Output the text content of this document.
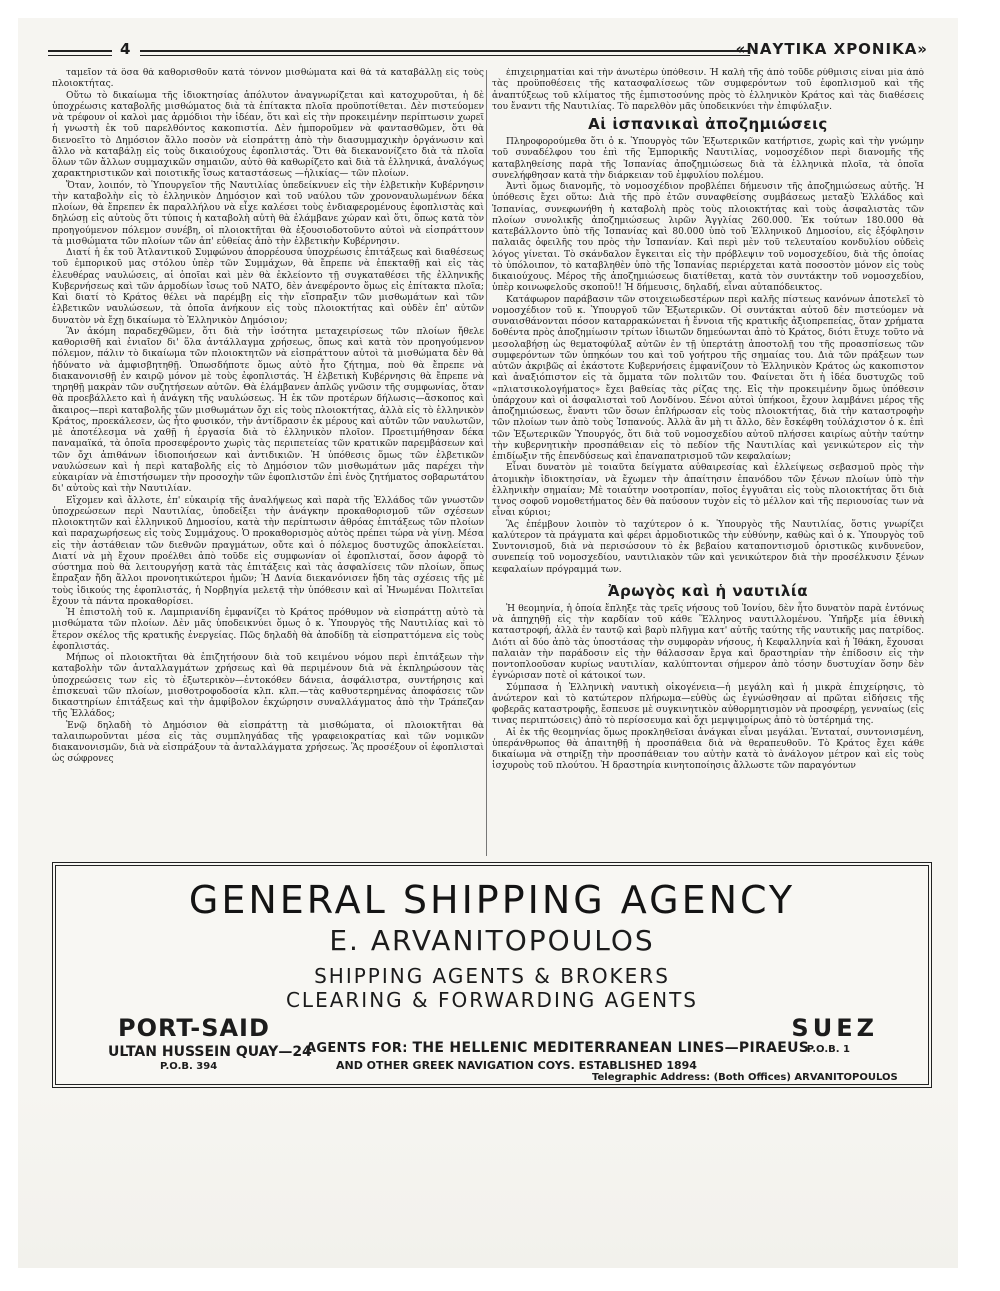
4	«ΝΑΥΤΙΚΑ ΧΡΟΝΙΚΑ»

ταμεῖον τὰ ὅσα θὰ καθορισθοῦν κατὰ τόννον μισθώματα καὶ θὰ τὰ καταβάλλῃ εἰς τοὺς πλοιοκτήτας.

Οὕτω τὸ δικαίωμα τῆς ἰδιοκτησίας ἀπόλυτον ἀναγνωρίζεται καὶ κατοχυροῦται, ἡ δὲ ὑποχρέωσις καταβολῆς μισθώματος διὰ τὰ ἐπίτακτα πλοῖα προϋποτίθεται. Δὲν πιστεύομεν νὰ τρέφουν οἱ καλοὶ μας ἀρμόδιοι τὴν ἰδέαν, ὅτι καὶ εἰς τὴν προκειμένην περίπτωσιν χωρεῖ ἡ γνωστὴ ἐκ τοῦ παρελθόντος κακοπιστία. Δὲν ἠμποροῦμεν νὰ φαντασθῶμεν, ὅτι θὰ διενοεῖτο τὸ Δημόσιον ἄλλο ποσὸν νὰ εἰσπράττῃ ἀπὸ τὴν διασυμμαχικὴν ὀργάνωσιν καὶ ἄλλο νὰ καταβάλῃ εἰς τοὺς δικαιούχους ἐφοπλιστάς. Ὅτι θὰ διεκανονίζετο διὰ τὰ πλοῖα ὅλων τῶν ἄλλων συμμαχικῶν σημαιῶν, αὐτὸ θὰ καθωρίζετο καὶ διὰ τὰ ἑλληνικά, ἀναλόγως χαρακτηριστικῶν καὶ ποιοτικῆς ἴσως καταστάσεως —ἡλικίας— τῶν πλοίων.

Ὅταν, λοιπόν, τὸ Ὑπουργεῖον τῆς Ναυτιλίας ὑπεδείκνυεν εἰς τὴν ἑλβετικὴν Κυβέρνησιν τὴν καταβολὴν εἰς τὸ ἑλληνικὸν Δημόσιον καὶ τοῦ ναύλου τῶν χρονοναυλωμένων δέκα πλοίων, θὰ ἔπρεπεν ἐκ παραλλήλου νὰ εἶχε καλέσει τοὺς ἐνδιαφερομένους ἐφοπλιστὰς καὶ δηλώσῃ εἰς αὐτοὺς ὅτι τύποις ἡ καταβολὴ αὐτὴ θὰ ἐλάμβανε χώραν καὶ ὅτι, ὅπως κατὰ τὸν προηγούμενον πόλεμον συνέβη, οἱ πλοιοκτῆται θὰ ἐξουσιοδοτοῦντο αὐτοὶ νὰ εἰσπράττουν τὰ μισθώματα τῶν πλοίων τῶν ἀπ' εὐθείας ἀπὸ τὴν ἑλβετικὴν Κυβέρνησιν.

Διατί ἡ ἐκ τοῦ Ἀτλαντικοῦ Συμφώνου ἀπορρέουσα ὑποχρέωσις ἐπιτάξεως καὶ διαθέσεως τοῦ ἐμπορικοῦ μας στόλου ὑπὲρ τῶν Συμμάχων, θὰ ἔπρεπε νὰ ἐπεκταθῇ καὶ εἰς τὰς ἐλευθέρας ναυλώσεις, αἱ ὁποῖαι καὶ μὲν θὰ ἐκλείοντο τῇ συγκαταθέσει τῆς ἑλληνικῆς Κυβερνήσεως καὶ τῶν ἁρμοδίων ἴσως τοῦ ΝΑΤΟ, δὲν ἀνεφέροντο ὅμως εἰς ἐπίτακτα πλοῖα; Καὶ διατί τὸ Κράτος θέλει νὰ παρέμβῃ εἰς τὴν εἴσπραξιν τῶν μισθωμάτων καὶ τῶν ἑλβετικῶν ναυλώσεων, τὰ ὁποῖα ἀνήκουν εἰς τοὺς πλοιοκτήτας καὶ οὐδὲν ἐπ' αὐτῶν δυνατὸν νὰ ἔχῃ δικαίωμα τὸ Ἑλληνικὸν Δημόσιον;

Ἂν ἀκόμη παραδεχθῶμεν, ὅτι διὰ τὴν ἰσότητα μεταχειρίσεως τῶν πλοίων ἤθελε καθορισθῆ καὶ ἑνιαῖον δι' ὅλα ἀντάλλαγμα χρήσεως, ὅπως καὶ κατὰ τὸν προηγούμενον πόλεμον, πάλιν τὸ δικαίωμα τῶν πλοιοκτητῶν νὰ εἰσπράττουν αὐτοὶ τὰ μισθώματα δὲν θὰ ἠδύνατο νὰ ἀμφισβητηθῇ. Ὁπωσδήποτε ὅμως αὐτὸ ἦτο ζήτημα, ποὺ θὰ ἔπρεπε νὰ διακανονισθῇ ἐν καιρῷ μόνον μὲ τοὺς ἐφοπλιστάς. Ἡ ἑλβετικὴ Κυβέρνησις θὰ ἔπρεπε νὰ τηρηθῇ μακρὰν τῶν συζητήσεων αὐτῶν. Θὰ ἐλάμβανεν ἁπλῶς γνῶσιν τῆς συμφωνίας, ὅταν θὰ προεβάλλετο καὶ ἡ ἀνάγκη τῆς ναυλώσεως. Ἡ ἐκ τῶν προτέρων δήλωσις—ἄσκοπος καὶ ἄκαιρος—περὶ καταβολῆς τῶν μισθωμάτων ὄχι εἰς τοὺς πλοιοκτήτας, ἀλλὰ εἰς τὸ ἑλληνικὸν Κράτος, προεκάλεσεν, ὡς ἦτο φυσικόν, τὴν ἀντίδρασιν ἐκ μέρους καὶ αὐτῶν τῶν ναυλωτῶν, μὲ ἀποτέλεσμα νὰ χαθῇ ἡ ἐργασία διὰ τὸ ἑλληνικὸν πλοῖον. Προετιμήθησαν δέκα παναμαϊκά, τὰ ὁποῖα προσεφέροντο χωρὶς τὰς περιπετείας τῶν κρατικῶν παρεμβάσεων καὶ τῶν ὄχι ἀπιθάνων ἰδιοποιήσεων καὶ ἀντιδικιῶν. Ἡ ὑπόθεσις ὅμως τῶν ἑλβετικῶν ναυλώσεων καὶ ἡ περὶ καταβολῆς εἰς τὸ Δημόσιον τῶν μισθωμάτων μᾶς παρέχει τὴν εὐκαιρίαν νὰ ἐπιστήσωμεν τὴν προσοχὴν τῶν ἐφοπλιστῶν ἐπὶ ἑνὸς ζητήματος σοβαρωτάτου δι' αὐτοὺς καὶ τὴν Ναυτιλίαν.

Εἴχομεν καὶ ἄλλοτε, ἐπ' εὐκαιρίᾳ τῆς ἀναλήψεως καὶ παρὰ τῆς Ἑλλάδος τῶν γνωστῶν ὑποχρεώσεων περὶ Ναυτιλίας, ὑποδείξει τὴν ἀνάγκην προκαθορισμοῦ τῶν σχέσεων πλοιοκτητῶν καὶ ἑλληνικοῦ Δημοσίου, κατὰ τὴν περίπτωσιν ἀθρόας ἐπιτάξεως τῶν πλοίων καὶ παραχωρήσεως εἰς τοὺς Συμμάχους. Ὁ προκαθορισμὸς αὐτὸς πρέπει τώρα νὰ γίνῃ. Μέσα εἰς τὴν ἀστάθειαν τῶν διεθνῶν πραγμάτων, οὔτε καὶ ὁ πόλεμος δυστυχῶς ἀποκλείεται. Διατί νὰ μὴ ἔχουν προέλθει ἀπὸ τοῦδε εἰς συμφωνίαν οἱ ἐφοπλισταί, ὅσον ἀφορᾷ τὸ σύστημα ποὺ θὰ λειτουργήσῃ κατὰ τὰς ἐπιτάξεις καὶ τὰς ἀσφαλίσεις τῶν πλοίων, ὅπως ἔπραξαν ἤδη ἄλλοι προνοητικώτεροι ἡμῶν; Ἡ Δανία διεκανόνισεν ἤδη τὰς σχέσεις τῆς μὲ τοὺς ἰδικούς της ἐφοπλιστάς, ἡ Νορβηγία μελετᾷ τὴν ὑπόθεσιν καὶ αἱ Ἡνωμέναι Πολιτεῖαι ἔχουν τὰ πάντα προκαθορίσει.

Ἡ ἐπιστολὴ τοῦ κ. Λαμπριανίδη ἐμφανίζει τὸ Κράτος πρόθυμον νὰ εἰσπράττῃ αὐτὸ τὰ μισθώματα τῶν πλοίων. Δὲν μᾶς ὑποδεικνύει ὅμως ὁ κ. Ὑπουργὸς τῆς Ναυτιλίας καὶ τὸ ἕτερον σκέλος τῆς κρατικῆς ἐνεργείας. Πῶς δηλαδὴ θὰ ἀποδίδῃ τὰ εἰσπραττόμενα εἰς τοὺς ἐφοπλιστάς.

Μήπως οἱ πλοιοκτῆται θὰ ἐπιζητήσουν διὰ τοῦ κειμένου νόμου περὶ ἐπιτάξεων τὴν καταβολὴν τῶν ἀνταλλαγμάτων χρήσεως καὶ θὰ περιμένουν διὰ νὰ ἐκπληρώσουν τὰς ὑποχρεώσεις των εἰς τὸ ἐξωτερικὸν—ἐντοκόθεν δάνεια, ἀσφάλιστρα, συντήρησις καὶ ἐπισκευαὶ τῶν πλοίων, μισθοτροφοδοσία κλπ. κλπ.—τὰς καθυστερημένας ἀποφάσεις τῶν δικαστηρίων ἐπιτάξεως καὶ τὴν ἀμφίβολον ἐκχώρησιν συναλλάγματος ἀπὸ τὴν Τράπεζαν τῆς Ἑλλάδος;

Ἐνῷ δηλαδὴ τὸ Δημόσιον θὰ εἰσπράττῃ τὰ μισθώματα, οἱ πλοιοκτῆται θὰ ταλαιπωροῦνται μέσα εἰς τὰς συμπληγάδας τῆς γραφειοκρατίας καὶ τῶν νομικῶν διακανονισμῶν, διὰ νὰ εἰσπράξουν τὰ ἀνταλλάγματα χρήσεως. Ἂς προσέξουν οἱ ἐφοπλισταὶ ὡς σώφρονες

ἐπιχειρηματίαι καὶ τὴν ἀνωτέρω ὑπόθεσιν. Ἡ καλὴ τῆς ἀπὸ τοῦδε ρύθμισις εἶναι μία ἀπὸ τὰς προϋποθέσεις τῆς κατασφαλίσεως τῶν συμφερόντων τοῦ ἐφοπλισμοῦ καὶ τῆς ἀναπτύξεως τοῦ κλίματος τῆς ἐμπιστοσύνης πρὸς τὸ ἑλληνικὸν Κράτος καὶ τὰς διαθέσεις του ἔναντι τῆς Ναυτιλίας. Τὸ παρελθὸν μᾶς ὑποδεικνύει τὴν ἐπιφύλαξιν.

Αἱ ἱσπανικαὶ ἀποζημιώσεις

Πληροφορούμεθα ὅτι ὁ κ. Ὑπουργὸς τῶν Ἐξωτερικῶν κατήρτισε, χωρὶς καὶ τὴν γνώμην τοῦ συναδέλφου του ἐπὶ τῆς Ἐμπορικῆς Ναυτιλίας, νομοσχέδιον περὶ διανομῆς τῆς καταβληθείσης παρὰ τῆς Ἱσπανίας ἀποζημιώσεως διὰ τὰ ἑλληνικὰ πλοῖα, τὰ ὁποῖα συνελήφθησαν κατὰ τὴν διάρκειαν τοῦ ἐμφυλίου πολέμου.

Ἀντὶ ὅμως διανομῆς, τὸ νομοσχέδιον προβλέπει δήμευσιν τῆς ἀποζημιώσεως αὐτῆς. Ἡ ὑπόθεσις ἔχει οὕτω: Διὰ τῆς πρὸ ἐτῶν συναφθείσης συμβάσεως μεταξὺ Ἑλλάδος καὶ Ἱσπανίας, συνεφωνήθη ἡ καταβολὴ πρὸς τοὺς πλοιοκτήτας καὶ τοὺς ἀσφαλιστὰς τῶν πλοίων συνολικῆς ἀποζημιώσεως λιρῶν Ἀγγλίας 260.000. Ἐκ τούτων 180.000 θὰ κατεβάλλοντο ὑπὸ τῆς Ἱσπανίας καὶ 80.000 ὑπὸ τοῦ Ἑλληνικοῦ Δημοσίου, εἰς ἐξόφλησιν παλαιᾶς ὀφειλῆς του πρὸς τὴν Ἱσπανίαν. Καὶ περὶ μὲν τοῦ τελευταίου κονδυλίου οὐδεὶς λόγος γίνεται. Τὸ σκάνδαλον ἔγκειται εἰς τὴν πρόβλεψιν τοῦ νομοσχεδίου, διὰ τῆς ὁποίας τὸ ὑπόλοιπον, τὸ καταβληθὲν ὑπὸ τῆς Ἱσπανίας περιέρχεται κατὰ ποσοστὸν μόνον εἰς τοὺς δικαιούχους. Μέρος τῆς ἀποζημιώσεως διατίθεται, κατὰ τὸν συντάκτην τοῦ νομοσχεδίου, ὑπὲρ κοινωφελοῦς σκοποῦ!! Ἡ δήμευσις, δηλαδή, εἶναι αὐταπόδεικτος.

Κατάφωρον παράβασιν τῶν στοιχειωδεστέρων περὶ καλῆς πίστεως κανόνων ἀποτελεῖ τὸ νομοσχέδιον τοῦ κ. Ὑπουργοῦ τῶν Ἐξωτερικῶν. Οἱ συντάκται αὐτοῦ δὲν πιστεύομεν νὰ συναισθάνονται πόσον καταρρακώνεται ἡ ἔννοια τῆς κρατικῆς ἀξιοπρεπείας, ὅταν χρήματα δοθέντα πρὸς ἀποζημίωσιν τρίτων ἰδιωτῶν δημεύωνται ἀπὸ τὸ Κράτος, διότι ἔτυχε τοῦτο νὰ μεσολαβήσῃ ὡς θεματοφύλαξ αὐτῶν ἐν τῇ ὑπερτάτῃ ἀποστολῇ του τῆς προασπίσεως τῶν συμφερόντων τῶν ὑπηκόων του καὶ τοῦ γοήτρου τῆς σημαίας του. Διὰ τῶν πράξεων των αὐτῶν ἀκριβῶς αἱ ἑκάστοτε Κυβερνήσεις ἐμφανίζουν τὸ Ἑλληνικὸν Κράτος ὡς κακοπιστον καὶ ἀναξιόπιστον εἰς τὰ ὄμματα τῶν πολιτῶν του. Φαίνεται ὅτι ἡ ἰδέα δυστυχῶς τοῦ «πλιατσικολογήματος» ἔχει βαθείας τὰς ρίζας της. Εἰς τὴν προκειμένην ὅμως ὑπόθεσιν ὑπάρχουν καὶ οἱ ἀσφαλισταὶ τοῦ Λονδίνου. Ξένοι αὐτοὶ ὑπήκοοι, ἔχουν λαμβάνει μέρος τῆς ἀποζημιώσεως, ἔναντι τῶν ὅσων ἐπλήρωσαν εἰς τοὺς πλοιοκτήτας, διὰ τὴν καταστροφὴν τῶν πλοίων των ἀπὸ τοὺς Ἱσπανούς. Ἀλλὰ ἂν μὴ τι ἄλλο, δὲν ἔσκέφθη τοὐλάχιστον ὁ κ. ἐπὶ τῶν Ἐξωτερικῶν Ὑπουργός, ὅτι διὰ τοῦ νομοσχεδίου αὐτοῦ πλήσσει καιρίως αὐτὴν ταύτην τὴν κυβερνητικὴν προσπάθειαν εἰς τὸ πεδίον τῆς Ναυτιλίας καὶ γενικώτερον εἰς τὴν ἐπιδίωξιν τῆς ἐπενδύσεως καὶ ἐπαναπατρισμοῦ τῶν κεφαλαίων;

Εἶναι δυνατὸν μὲ τοιαῦτα δείγματα αὐθαιρεσίας καὶ ἐλλείψεως σεβασμοῦ πρὸς τὴν ἀτομικὴν ἰδιοκτησίαν, νὰ ἔχωμεν τὴν ἀπαίτησιν ἐπανόδου τῶν ξένων πλοίων ὑπὸ τὴν ἑλληνικὴν σημαίαν; Μὲ τοιαύτην νοοτροπίαν, ποῖος ἐγγυᾶται εἰς τοὺς πλοιοκτήτας ὅτι διὰ τινος σοφοῦ νομοθετήματος δὲν θὰ παύσουν τυχὸν εἰς τὸ μέλλον καὶ τῆς περιουσίας των νὰ εἶναι κύριοι;

Ἂς ἐπέμβουν λοιπὸν τὸ ταχύτερον ὁ κ. Ὑπουργὸς τῆς Ναυτιλίας, ὅστις γνωρίζει καλύτερον τὰ πράγματα καὶ φέρει ἀρμοδιοτικῶς τὴν εὐθύνην, καθὼς καὶ ὁ κ. Ὑπουργὸς τοῦ Συντονισμοῦ, διὰ νὰ περισώσουν τὸ ἐκ βεβαίου καταποντισμοῦ ὁριστικῶς κινδυνεῦον, συνεπείᾳ τοῦ νομοσχεδίου, ναυτιλιακὸν τῶν καὶ γενικώτερον διὰ τὴν προσέλκυσιν ξένων κεφαλαίων πρόγραμμά των.

Ἀρωγὸς καὶ ἡ ναυτιλία

Ἡ θεομηνία, ἡ ὁποία ἔπληξε τὰς τρεῖς νήσους τοῦ Ἰονίου, δὲν ἦτο δυνατὸν παρὰ ἐντόνως νὰ ἀπηχηθῇ εἰς τὴν καρδίαν τοῦ κάθε Ἕλληνος ναυτιλλομένου. Ὑπῆρξε μία ἐθνικὴ καταστροφή, ἀλλὰ ἐν ταυτῷ καὶ βαρὺ πλῆγμα κατ' αὐτῆς ταύτης τῆς ναυτικῆς μας πατρίδος. Διότι αἱ δύο ἀπὸ τὰς ὑποστάσας τὴν συμφορὰν νήσους, ἡ Κεφαλληνία καὶ ἡ Ἰθάκη, ἔχουσαι παλαιὰν τὴν παράδοσιν εἰς τὴν θάλασσαν ἔργα καὶ δραστηρίαν τὴν ἐπίδοσιν εἰς τὴν ποντοπλοοῦσαν κυρίως ναυτιλίαν, καλύπτονται σήμερον ἀπὸ τόσην δυστυχίαν ὅσην δὲν ἐγνώρισαν ποτὲ οἱ κάτοικοί των.

Σύμπασα ἡ Ἑλληνικὴ ναυτικὴ οἰκογένεια—ἡ μεγάλη καὶ ἡ μικρὰ ἐπιχείρησις, τὸ ἀνώτερον καὶ τὸ κατώτερον πλήρωμα—εὐθὺς ὡς ἐγνώσθησαν αἱ πρῶται εἰδήσεις τῆς φοβερᾶς καταστροφῆς, ἔσπευσε μὲ συγκινητικὸν αὐθορμητισμὸν νὰ προσφέρῃ, γενναίως (εἰς τινας περιπτώσεις) ἀπὸ τὸ περίσσευμα καὶ ὄχι μεμψιμοίρως ἀπὸ τὸ ὑστέρημά της.

Αἱ ἐκ τῆς θεομηνίας ὅμως προκληθεῖσαι ἀνάγκαι εἶναι μεγάλαι. Ἐνταταί, συντονισμένη, ὑπεράνθρωπος θὰ ἀπαιτηθῇ ἡ προσπάθεια διὰ νὰ θεραπευθοῦν. Τὸ Κράτος ἔχει κάθε δικαίωμα νὰ στηρίξῃ τὴν προσπάθειαν του αὐτὴν κατὰ τὸ ἀνάλογον μέτρον καὶ εἰς τοὺς ἰσχυροὺς τοῦ πλούτου. Ἡ δραστηρία κινητοποίησις ἄλλωστε τῶν παραγόντων

GENERAL SHIPPING AGENCY
E. ARVANITOPOULOS
SHIPPING AGENTS & BROKERS
CLEARING & FORWARDING AGENTS
PORT-SAID
ULTAN HUSSEIN QUAY—24
P.O.B. 394
AGENTS FOR: THE HELLENIC MEDITERRANEAN LINES—PIRAEUS
AND OTHER GREEK NAVIGATION COYS. ESTABLISHED 1894
Telegraphic Address: (Both Offices) ARVANITOPOULOS
SUEZ
P.O.B. 1
